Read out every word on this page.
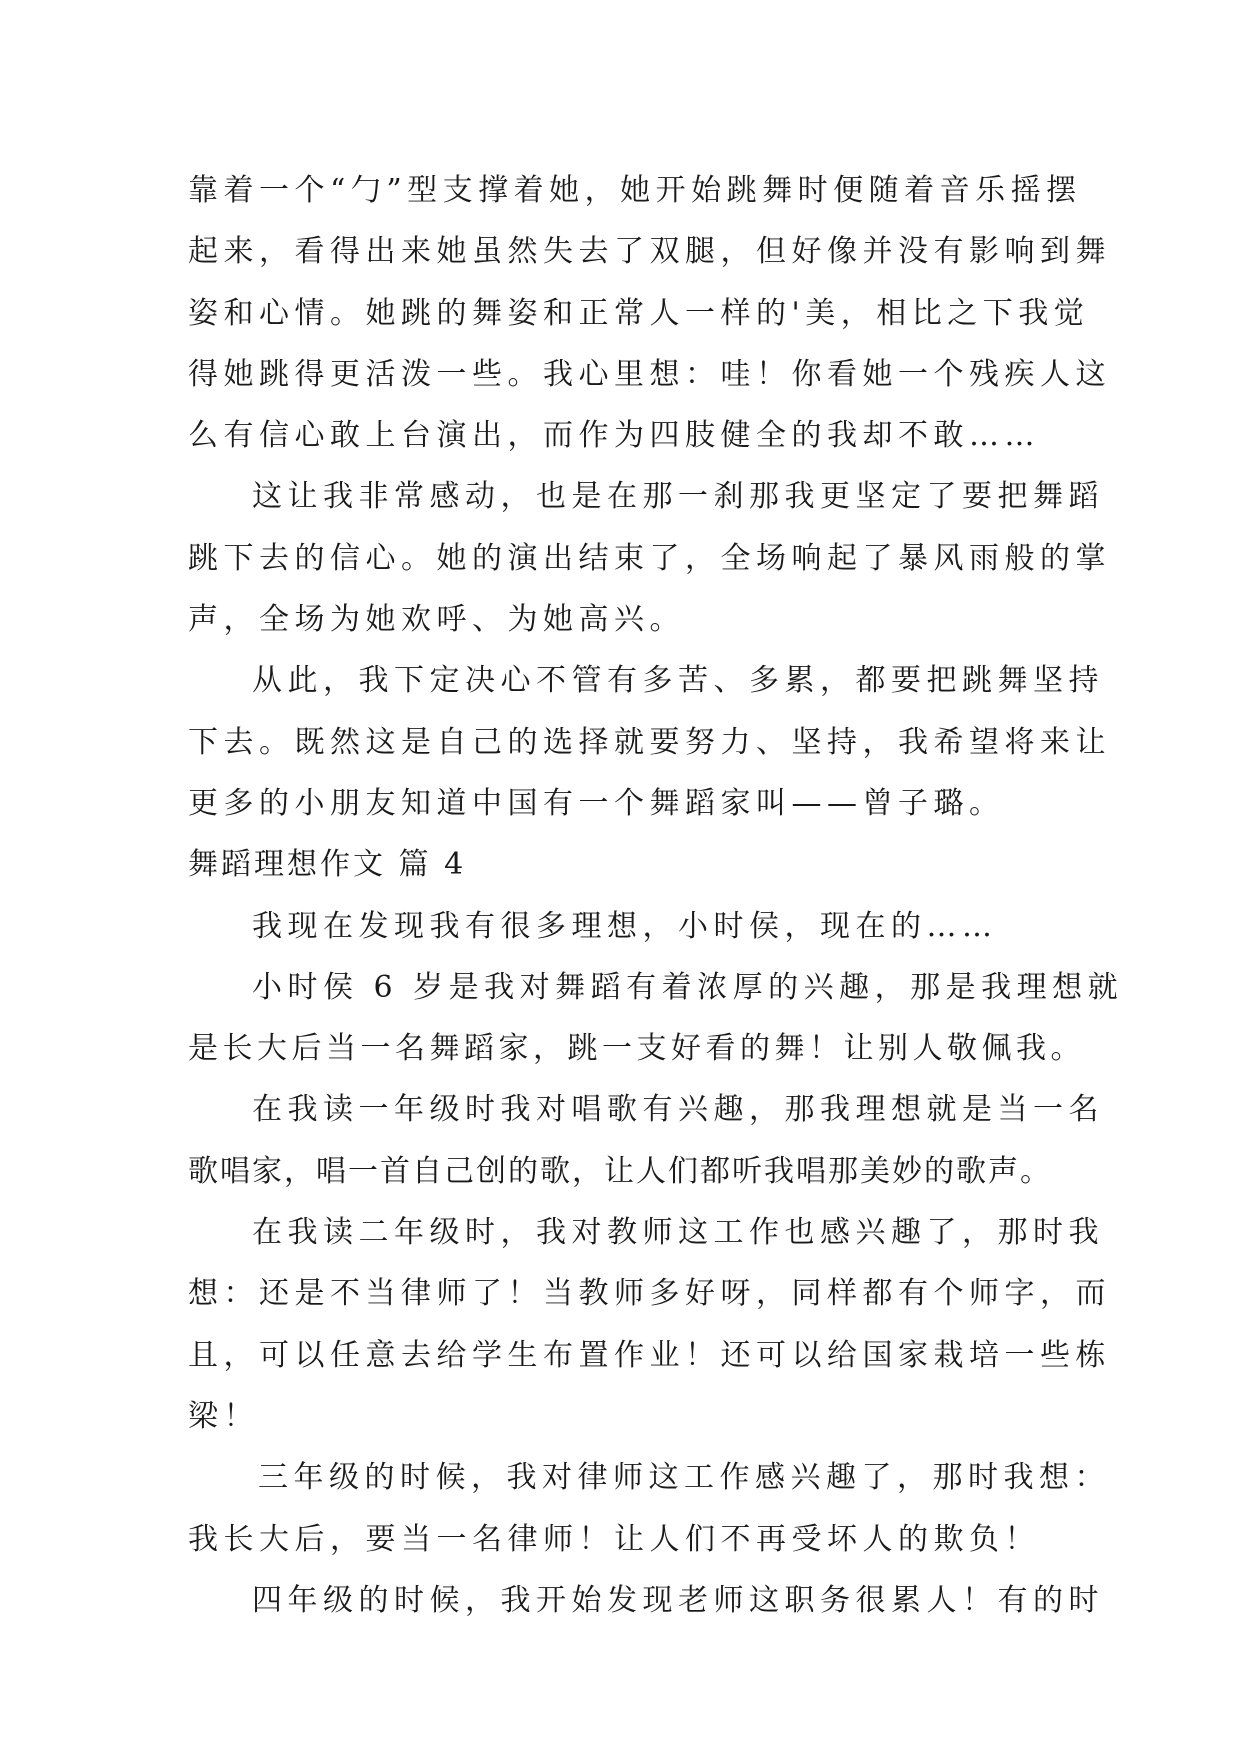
靠着一个“勹”型支撑着她，她开始跳舞时便随着音乐摇摆
起来，看得出来她虽然失去了双腿，但好像并没有影响到舞
姿和心情。她跳的舞姿和正常人一样的'美，相比之下我觉
得她跳得更活泼一些。我心里想：哇！你看她一个残疾人这
么有信心敢上台演出，而作为四肢健全的我却不敢……
这让我非常感动，也是在那一刹那我更坚定了要把舞蹈
跳下去的信心。她的演出结束了，全场响起了暴风雨般的掌
声，全场为她欢呼、为她高兴。
从此，我下定决心不管有多苦、多累，都要把跳舞坚持
下去。既然这是自己的选择就要努力、坚持，我希望将来让
更多的小朋友知道中国有一个舞蹈家叫——曾子璐。
舞蹈理想作文 篇 4
我现在发现我有很多理想，小时侯，现在的……
小时侯 6 岁是我对舞蹈有着浓厚的兴趣，那是我理想就
是长大后当一名舞蹈家，跳一支好看的舞！让别人敬佩我。
在我读一年级时我对唱歌有兴趣，那我理想就是当一名
歌唱家，唱一首自己创的歌，让人们都听我唱那美妙的歌声。
在我读二年级时，我对教师这工作也感兴趣了，那时我
想：还是不当律师了！当教师多好呀，同样都有个师字，而
且，可以任意去给学生布置作业！还可以给国家栽培一些栋
梁！
三年级的时候，我对律师这工作感兴趣了，那时我想：
我长大后，要当一名律师！让人们不再受坏人的欺负！
四年级的时候，我开始发现老师这职务很累人！有的时
